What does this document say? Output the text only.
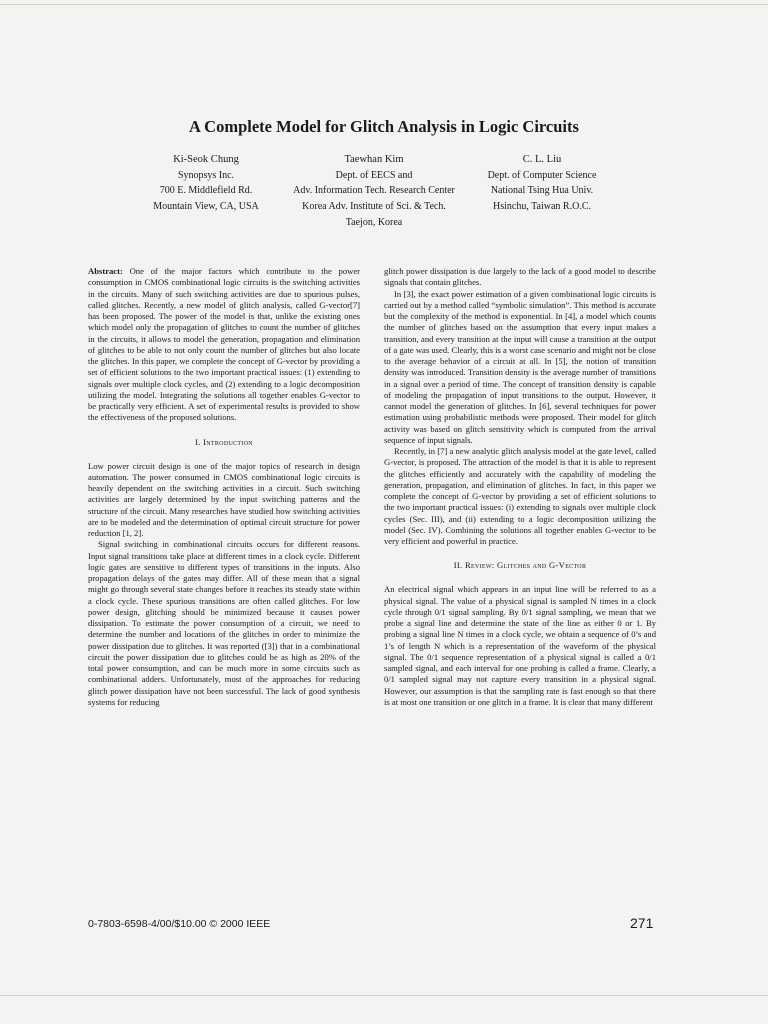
A Complete Model for Glitch Analysis in Logic Circuits
Ki-Seok Chung
Synopsys Inc.
700 E. Middlefield Rd.
Mountain View, CA, USA
Taewhan Kim
Dept. of EECS and
Adv. Information Tech. Research Center
Korea Adv. Institute of Sci. & Tech.
Taejon, Korea
C. L. Liu
Dept. of Computer Science
National Tsing Hua Univ.
Hsinchu, Taiwan R.O.C.

Abstract: One of the major factors which contribute to the power consumption in CMOS combinational logic circuits is the switching activities in the circuits. Many of such switching activities are due to spurious pulses, called glitches. Recently, a new model of glitch analysis, called G-vector[7] has been proposed. The power of the model is that, unlike the existing ones which model only the propagation of glitches to count the number of glitches in the circuits, it allows to model the generation, propagation and elimination of glitches to be able to not only count the number of glitches but also locate the glitches. In this paper, we complete the concept of G-vector by providing a set of efficient solutions to the two important practical issues: (1) extending to signals over multiple clock cycles, and (2) extending to a logic decomposition utilizing the model. Integrating the solutions all together enables G-vector to be practically very efficient. A set of experimental results is provided to show the effectiveness of the proposed solutions.

I. Introduction

Low power circuit design is one of the major topics of research in design automation. The power consumed in CMOS combinational logic circuits is heavily dependent on the switching activities in a circuit. Such switching activities are largely determined by the input switching patterns and the structure of the circuit. Many researches have studied how switching activities are to be modeled and the determination of optimal circuit structure for power reduction [1, 2].

Signal switching in combinational circuits occurs for different reasons. Input signal transitions take place at different times in a clock cycle. Different logic gates are sensitive to different types of transitions in the inputs. Also propagation delays of the gates may differ. All of these mean that a signal might go through several state changes before it reaches its steady state within a clock cycle. These spurious transitions are often called glitches. For low power design, glitching should be minimized because it causes power dissipation. To estimate the power consumption of a circuit, we need to determine the number and locations of the glitches in order to minimize the power dissipation due to glitches. It was reported ([3]) that in a combinational circuit the power dissipation due to glitches could be as high as 20% of the total power consumption, and can be much more in some circuits such as combinational adders. Unfortunately, most of the approaches for reducing glitch power dissipation have not been successful. The lack of good synthesis systems for reducing

glitch power dissipation is due largely to the lack of a good model to describe signals that contain glitches.

In [3], the exact power estimation of a given combinational logic circuits is carried out by a method called “symbolic simulation”. This method is accurate but the complexity of the method is exponential. In [4], a model which counts the number of glitches based on the assumption that every input makes a transition, and every transition at the input will cause a transition at the output of a gate was used. Clearly, this is a worst case scenario and might not be close to the average behavior of a circuit at all. In [5], the notion of transition density was introduced. Transition density is the average number of transitions in a signal over a period of time. The concept of transition density is capable of modeling the propagation of input transitions to the output. However, it cannot model the generation of glitches. In [6], several techniques for power estimation using probabilistic methods were proposed. Their model for glitch activity was based on glitch sensitivity which is computed from the arrival sequence of input signals.

Recently, in [7] a new analytic glitch analysis model at the gate level, called G-vector, is proposed. The attraction of the model is that it is able to represent the glitches efficiently and accurately with the capability of modeling the generation, propagation, and elimination of glitches. In fact, in this paper we complete the concept of G-vector by providing a set of efficient solutions to the two important practical issues: (i) extending to signals over multiple clock cycles (Sec. III), and (ii) extending to a logic decomposition utilizing the model (Sec. IV). Combining the solutions all together enables G-vector to be very efficient and powerful in practice.

II. Review: Glitches and G-Vector

An electrical signal which appears in an input line will be referred to as a physical signal. The value of a physical signal is sampled N times in a clock cycle through 0/1 signal sampling. By 0/1 signal sampling, we mean that we probe a signal line and determine the state of the line as either 0 or 1. By probing a signal line N times in a clock cycle, we obtain a sequence of 0’s and 1’s of length N which is a representation of the waveform of the physical signal. The 0/1 sequence representation of a physical signal is called a 0/1 sampled signal, and each interval for one probing is called a frame. Clearly, a 0/1 sampled signal may not capture every transition in a physical signal. However, our assumption is that the sampling rate is fast enough so that there is at most one transition or one glitch in a frame. It is clear that many different

0-7803-6598-4/00/$10.00 © 2000 IEEE	271
